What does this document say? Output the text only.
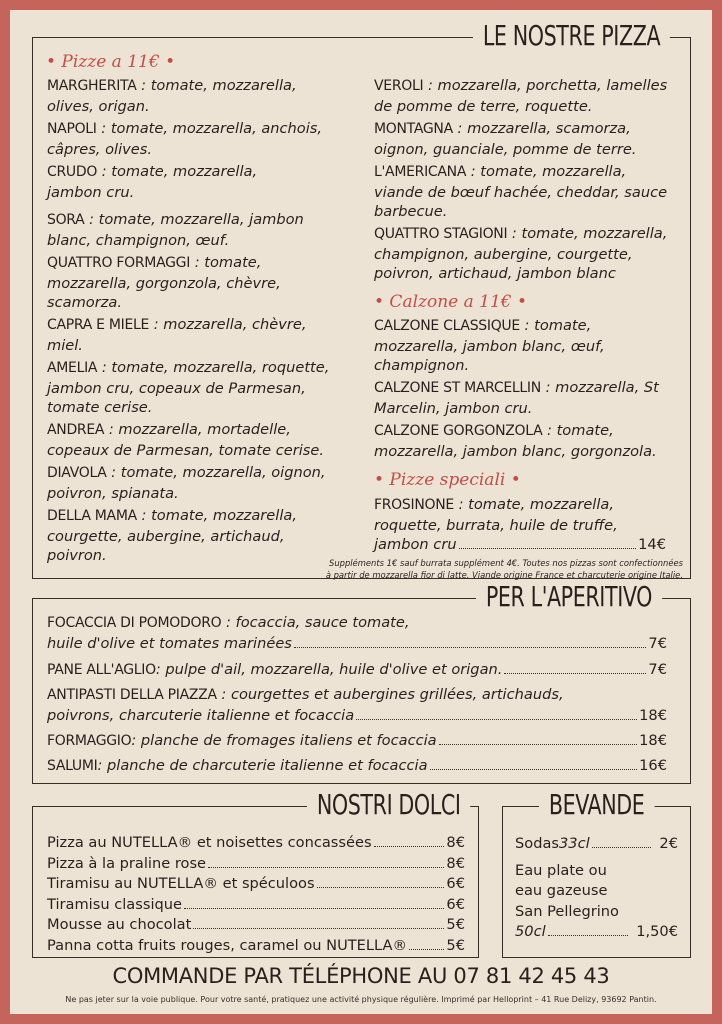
LE NOSTRE PIZZA
• Pizze a 11€ •
MARGHERITA : tomate, mozzarella, olives, origan.
NAPOLI : tomate, mozzarella, anchois, câpres, olives.
CRUDO : tomate, mozzarella, jambon cru.
SORA : tomate, mozzarella, jambon blanc, champignon, œuf.
QUATTRO FORMAGGI : tomate, mozzarella, gorgonzola, chèvre, scamorza.
CAPRA E MIELE : mozzarella, chèvre, miel.
AMELIA : tomate, mozzarella, roquette, jambon cru, copeaux de Parmesan, tomate cerise.
ANDREA : mozzarella, mortadelle, copeaux de Parmesan, tomate cerise.
DIAVOLA : tomate, mozzarella, oignon, poivron, spianata.
DELLA MAMA : tomate, mozzarella, courgette, aubergine, artichaud, poivron.
VEROLI : mozzarella, porchetta, lamelles de pomme de terre, roquette.
MONTAGNA : mozzarella, scamorza, oignon, guanciale, pomme de terre.
L'AMERICANA : tomate, mozzarella, viande de bœuf hachée, cheddar, sauce barbecue.
QUATTRO STAGIONI : tomate, mozzarella, champignon, aubergine, courgette, poivron, artichaud, jambon blanc
• Calzone a 11€ •
CALZONE CLASSIQUE : tomate, mozzarella, jambon blanc, œuf, champignon.
CALZONE ST MARCELLIN : mozzarella, St Marcelin, jambon cru.
CALZONE GORGONZOLA : tomate, mozzarella, jambon blanc, gorgonzola.
• Pizze speciali •
FROSINONE : tomate, mozzarella, roquette, burrata, huile de truffe,
jambon cru	14€
Suppléments 1€ sauf burrata supplément 4€. Toutes nos pizzas sont confectionnées
à partir de mozzarella fior di latte. Viande origine France et charcuterie origine Italie.
PER L'APERITIVO
FOCACCIA DI POMODORO : focaccia, sauce tomate,
huile d'olive et tomates marinées	7€
PANE ALL'AGLIO : pulpe d'ail, mozzarella, huile d'olive et origan.	7€
ANTIPASTI DELLA PIAZZA : courgettes et aubergines grillées, artichauds,
poivrons, charcuterie italienne et focaccia	18€
FORMAGGIO : planche de fromages italiens et focaccia	18€
SALUMI : planche de charcuterie italienne et focaccia	16€
NOSTRI DOLCI
Pizza au NUTELLA® et noisettes concassées	8€
Pizza à la praline rose	8€
Tiramisu au NUTELLA® et spéculoos	6€
Tiramisu classique	6€
Mousse au chocolat	5€
Panna cotta fruits rouges, caramel ou NUTELLA®	5€
BEVANDE
Sodas 33cl	2€
Eau plate ou
eau gazeuse
San Pellegrino
50cl	1,50€
COMMANDE PAR TÉLÉPHONE AU 07 81 42 45 43
Ne pas jeter sur la voie publique. Pour votre santé, pratiquez une activité physique régulière. Imprimé par Helloprint – 41 Rue Delizy, 93692 Pantin.
